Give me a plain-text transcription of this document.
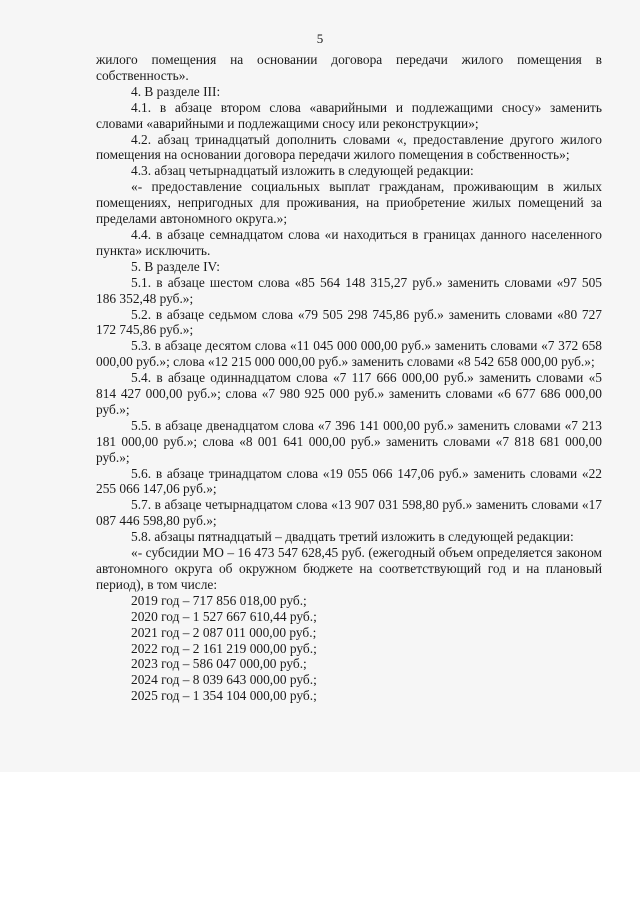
5

жилого помещения на основании договора передачи жилого помещения в собственность».

4. В разделе III:

4.1. в абзаце втором слова «аварийными и подлежащими сносу» заменить словами «аварийными и подлежащими сносу или реконструкции»;

4.2. абзац тринадцатый дополнить словами «, предоставление другого жилого помещения на основании договора передачи жилого помещения в собственность»;

4.3. абзац четырнадцатый изложить в следующей редакции:

«- предоставление социальных выплат гражданам, проживающим в жилых помещениях, непригодных для проживания, на приобретение жилых помещений за пределами автономного округа.»;

4.4. в абзаце семнадцатом слова «и находиться в границах данного населенного пункта» исключить.

5. В разделе IV:

5.1. в абзаце шестом слова «85 564 148 315,27 руб.» заменить словами «97 505 186 352,48 руб.»;

5.2. в абзаце седьмом слова «79 505 298 745,86 руб.» заменить словами «80 727 172 745,86 руб.»;

5.3. в абзаце десятом слова «11 045 000 000,00 руб.» заменить словами «7 372 658 000,00 руб.»; слова «12 215 000 000,00 руб.» заменить словами «8 542 658 000,00 руб.»;

5.4. в абзаце одиннадцатом слова «7 117 666 000,00 руб.» заменить словами «5 814 427 000,00 руб.»; слова «7 980 925 000 руб.» заменить словами «6 677 686 000,00 руб.»;

5.5. в абзаце двенадцатом слова «7 396 141 000,00 руб.» заменить словами «7 213 181 000,00 руб.»; слова «8 001 641 000,00 руб.» заменить словами «7 818 681 000,00 руб.»;

5.6. в абзаце тринадцатом слова «19 055 066 147,06 руб.» заменить словами «22 255 066 147,06 руб.»;

5.7. в абзаце четырнадцатом слова «13 907 031 598,80 руб.» заменить словами «17 087 446 598,80 руб.»;

5.8. абзацы пятнадцатый – двадцать третий изложить в следующей редакции:

«- субсидии МО – 16 473 547 628,45 руб. (ежегодный объем определяется законом автономного округа об окружном бюджете на соответствующий год и на плановый период), в том числе:

2019 год – 717 856 018,00 руб.;

2020 год – 1 527 667 610,44 руб.;

2021 год – 2 087 011 000,00 руб.;

2022 год – 2 161 219 000,00 руб.;

2023 год – 586 047 000,00 руб.;

2024 год – 8 039 643 000,00 руб.;

2025 год – 1 354 104 000,00 руб.;
